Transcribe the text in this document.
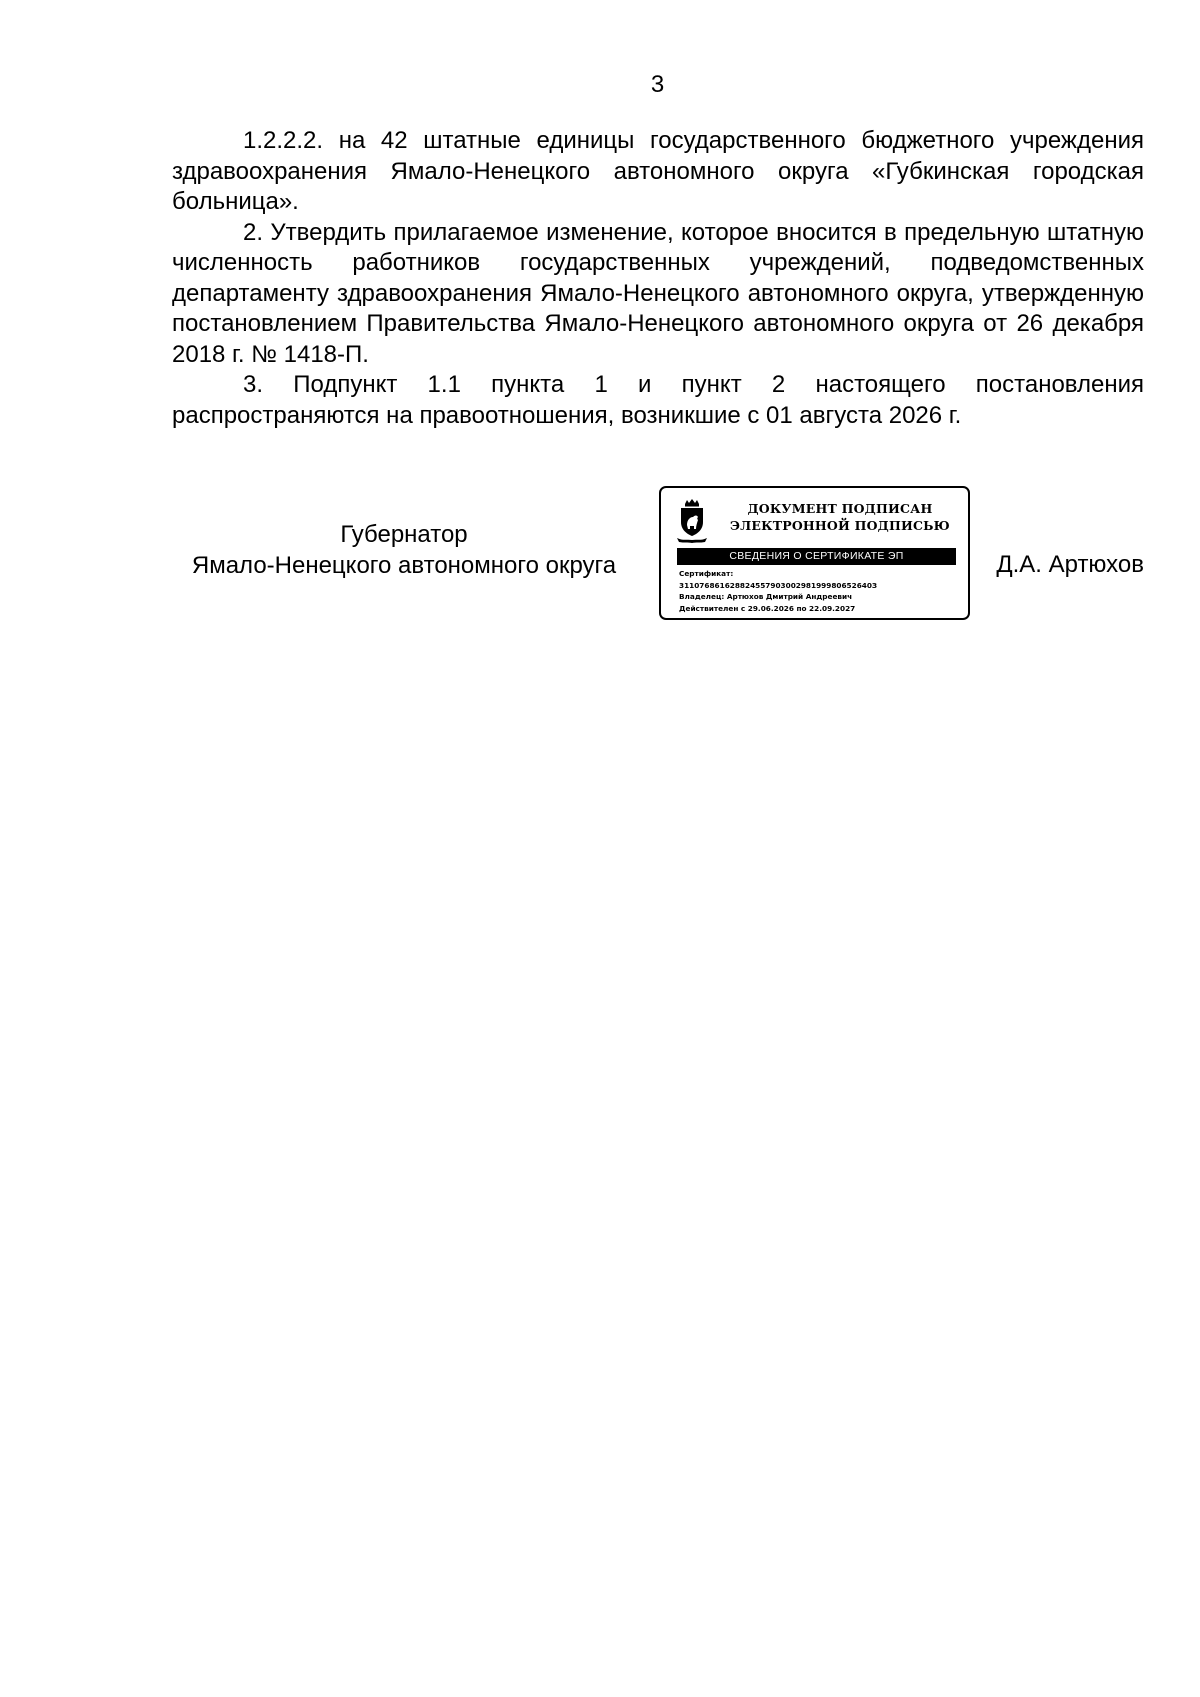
3

1.2.2.2. на 42 штатные единицы государственного бюджетного учреждения здравоохранения Ямало-Ненецкого автономного округа «Губкинская городская больница».

2. Утвердить прилагаемое изменение, которое вносится в предельную штатную численность работников государственных учреждений, подведомственных департаменту здравоохранения Ямало-Ненецкого автономного округа, утвержденную постановлением Правительства Ямало-Ненецкого автономного округа от 26 декабря 2018 г. № 1418-П.

3. Подпункт 1.1 пункта 1 и пункт 2 настоящего постановления распространяются на правоотношения, возникшие с 01 августа 2026 г.

Губернатор
Ямало-Ненецкого автономного округа
ДОКУМЕНТ ПОДПИСАН
ЭЛЕКТРОННОЙ ПОДПИСЬЮ
СВЕДЕНИЯ О СЕРТИФИКАТЕ ЭП
Сертификат:
31107686162882455790300298199980652640З
Владелец: Артюхов Дмитрий Андреевич
Действителен с 29.06.2026 по 22.09.2027
Д.А. Артюхов
